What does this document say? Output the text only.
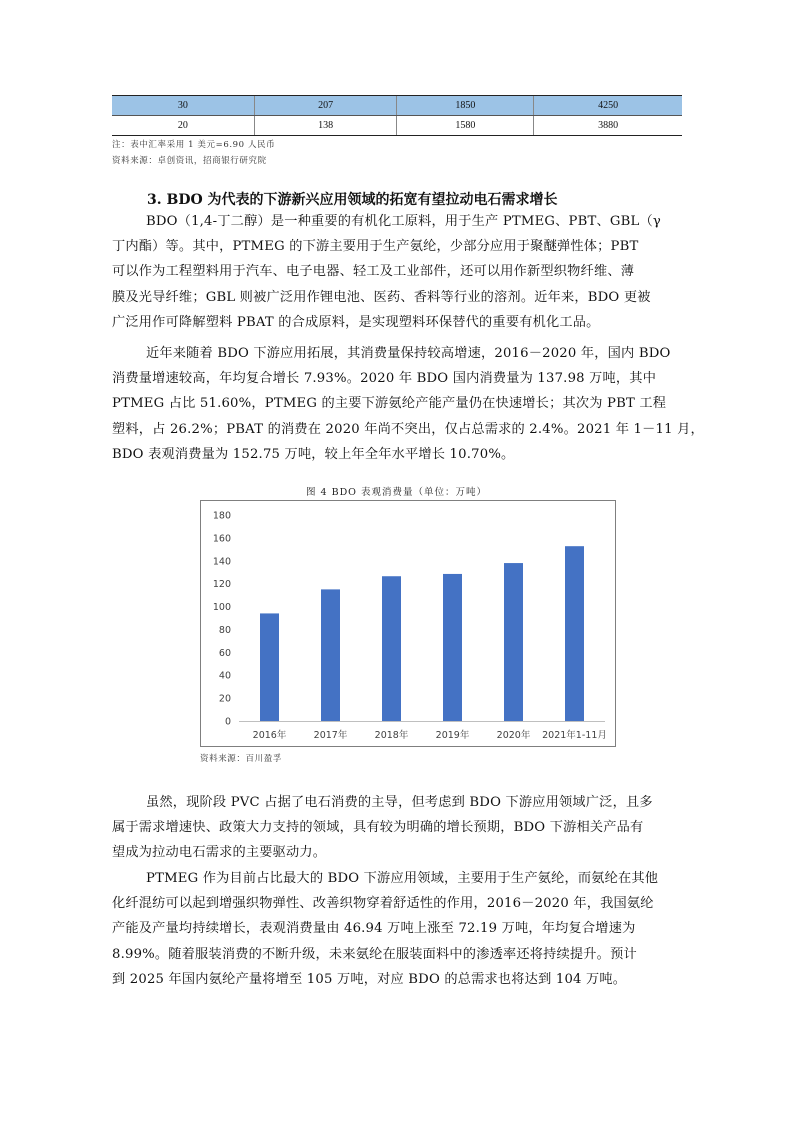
30	207	1850	4250
20	138	1580	3880
注：表中汇率采用 1 美元=6.90 人民币
资料来源：卓创资讯，招商银行研究院
3. BDO 为代表的下游新兴应用领域的拓宽有望拉动电石需求增长
BDO（1,4-丁二醇）是一种重要的有机化工原料，用于生产 PTMEG、PBT、GBL（γ
丁内酯）等。其中，PTMEG 的下游主要用于生产氨纶，少部分应用于聚醚弹性体；PBT
可以作为工程塑料用于汽车、电子电器、轻工及工业部件，还可以用作新型织物纤维、薄
膜及光导纤维；GBL 则被广泛用作锂电池、医药、香料等行业的溶剂。近年来，BDO 更被
广泛用作可降解塑料 PBAT 的合成原料，是实现塑料环保替代的重要有机化工品。
近年来随着 BDO 下游应用拓展，其消费量保持较高增速，2016－2020 年，国内 BDO
消费量增速较高，年均复合增长 7.93%。2020 年 BDO 国内消费量为 137.98 万吨，其中
PTMEG 占比 51.60%，PTMEG 的主要下游氨纶产能产量仍在快速增长；其次为 PBT 工程
塑料，占 26.2%；PBAT 的消费在 2020 年尚不突出，仅占总需求的 2.4%。2021 年 1－11 月，
BDO 表观消费量为 152.75 万吨，较上年全年水平增长 10.70%。
图 4 BDO 表观消费量（单位：万吨）
0
20
40
60
80
100
120
140
160
180
2016年	2017年	2018年	2019年	2020年 2021年1-11月
资料来源：百川盈孚
虽然，现阶段 PVC 占据了电石消费的主导，但考虑到 BDO 下游应用领域广泛，且多
属于需求增速快、政策大力支持的领域，具有较为明确的增长预期，BDO 下游相关产品有
望成为拉动电石需求的主要驱动力。
PTMEG 作为目前占比最大的 BDO 下游应用领域，主要用于生产氨纶，而氨纶在其他
化纤混纺可以起到增强织物弹性、改善织物穿着舒适性的作用，2016－2020 年，我国氨纶
产能及产量均持续增长，表观消费量由 46.94 万吨上涨至 72.19 万吨，年均复合增速为
8.99%。随着服装消费的不断升级，未来氨纶在服装面料中的渗透率还将持续提升。预计
到 2025 年国内氨纶产量将增至 105 万吨，对应 BDO 的总需求也将达到 104 万吨。
